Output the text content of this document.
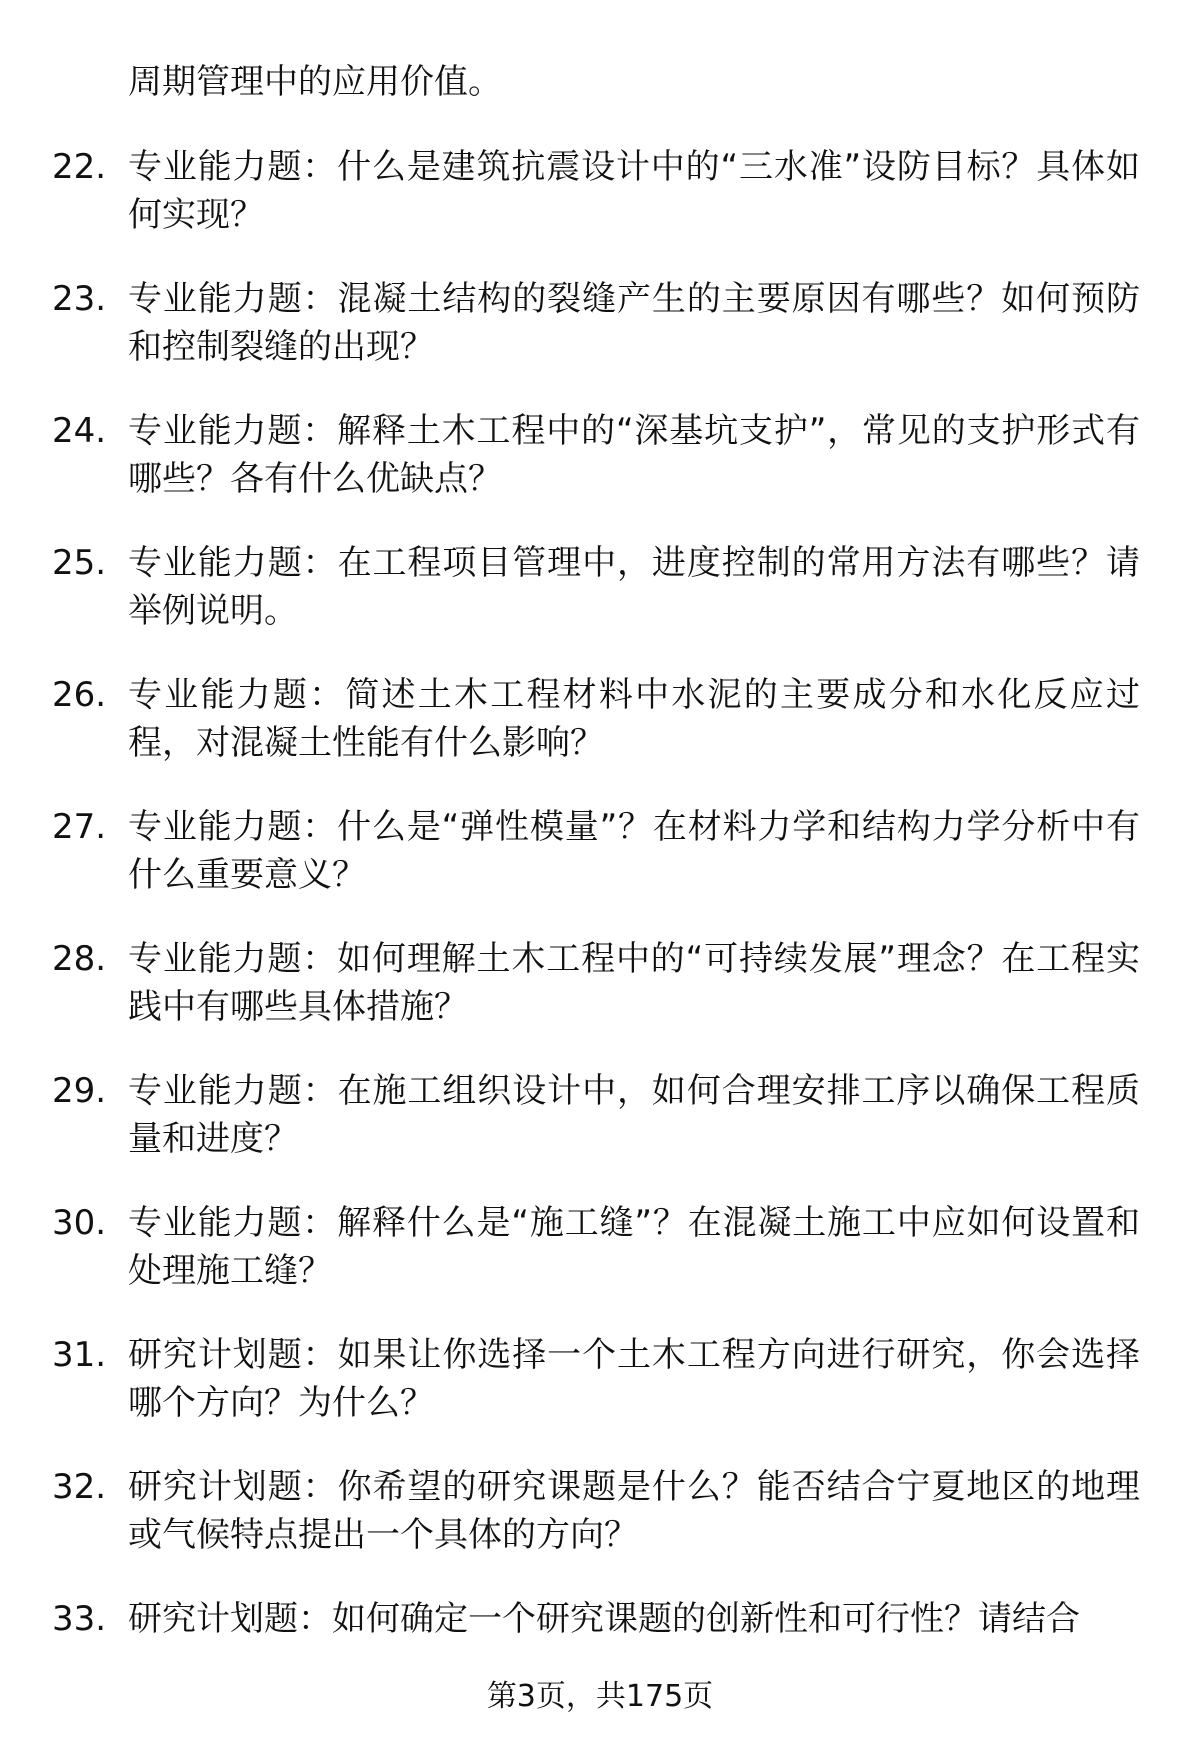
周期管理中的应用价值。
22. 专业能力题：什么是建筑抗震设计中的“三水准”设防目标？具体如何实现？
23. 专业能力题：混凝土结构的裂缝产生的主要原因有哪些？如何预防和控制裂缝的出现？
24. 专业能力题：解释土木工程中的“深基坑支护”，常见的支护形式有哪些？各有什么优缺点？
25. 专业能力题：在工程项目管理中，进度控制的常用方法有哪些？请举例说明。
26. 专业能力题：简述土木工程材料中水泥的主要成分和水化反应过程，对混凝土性能有什么影响？
27. 专业能力题：什么是“弹性模量”？在材料力学和结构力学分析中有什么重要意义？
28. 专业能力题：如何理解土木工程中的“可持续发展”理念？在工程实践中有哪些具体措施？
29. 专业能力题：在施工组织设计中，如何合理安排工序以确保工程质量和进度？
30. 专业能力题：解释什么是“施工缝”？在混凝土施工中应如何设置和处理施工缝？
31. 研究计划题：如果让你选择一个土木工程方向进行研究，你会选择哪个方向？为什么？
32. 研究计划题：你希望的研究课题是什么？能否结合宁夏地区的地理或气候特点提出一个具体的方向？
33. 研究计划题：如何确定一个研究课题的创新性和可行性？请结合
第3页，共175页
